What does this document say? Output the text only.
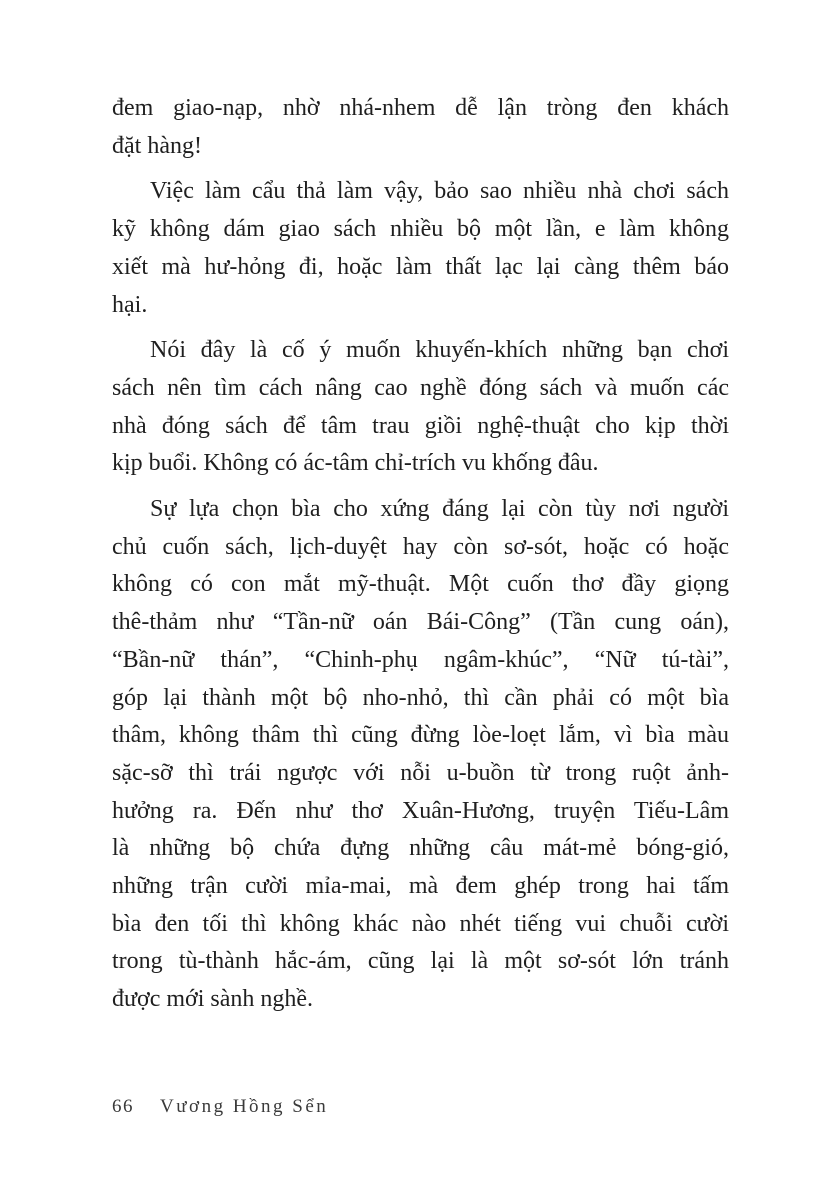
đem giao-nạp, nhờ nhá-nhem dễ lận tròng đen khách
đặt hàng!
Việc làm cẩu thả làm vậy, bảo sao nhiều nhà chơi sách
kỹ không dám giao sách nhiều bộ một lần, e làm không
xiết mà hư-hỏng đi, hoặc làm thất lạc lại càng thêm báo
hại.
Nói đây là cố ý muốn khuyến-khích những bạn chơi
sách nên tìm cách nâng cao nghề đóng sách và muốn các
nhà đóng sách để tâm trau giồi nghệ-thuật cho kịp thời
kịp buổi. Không có ác-tâm chỉ-trích vu khống đâu.
Sự lựa chọn bìa cho xứng đáng lại còn tùy nơi người
chủ cuốn sách, lịch-duyệt hay còn sơ-sót, hoặc có hoặc
không có con mắt mỹ-thuật. Một cuốn thơ đầy giọng
thê-thảm như “Tần-nữ oán Bái-Công” (Tần cung oán),
“Bần-nữ thán”, “Chinh-phụ ngâm-khúc”, “Nữ tú-tài”,
góp lại thành một bộ nho-nhỏ, thì cần phải có một bìa
thâm, không thâm thì cũng đừng lòe-loẹt lắm, vì bìa màu
sặc-sỡ thì trái ngược với nỗi u-buồn từ trong ruột ảnh-
hưởng ra. Đến như thơ Xuân-Hương, truyện Tiếu-Lâm
là những bộ chứa đựng những câu mát-mẻ bóng-gió,
những trận cười mỉa-mai, mà đem ghép trong hai tấm
bìa đen tối thì không khác nào nhét tiếng vui chuỗi cười
trong tù-thành hắc-ám, cũng lại là một sơ-sót lớn tránh
được mới sành nghề.
66 Vương Hồng Sển
